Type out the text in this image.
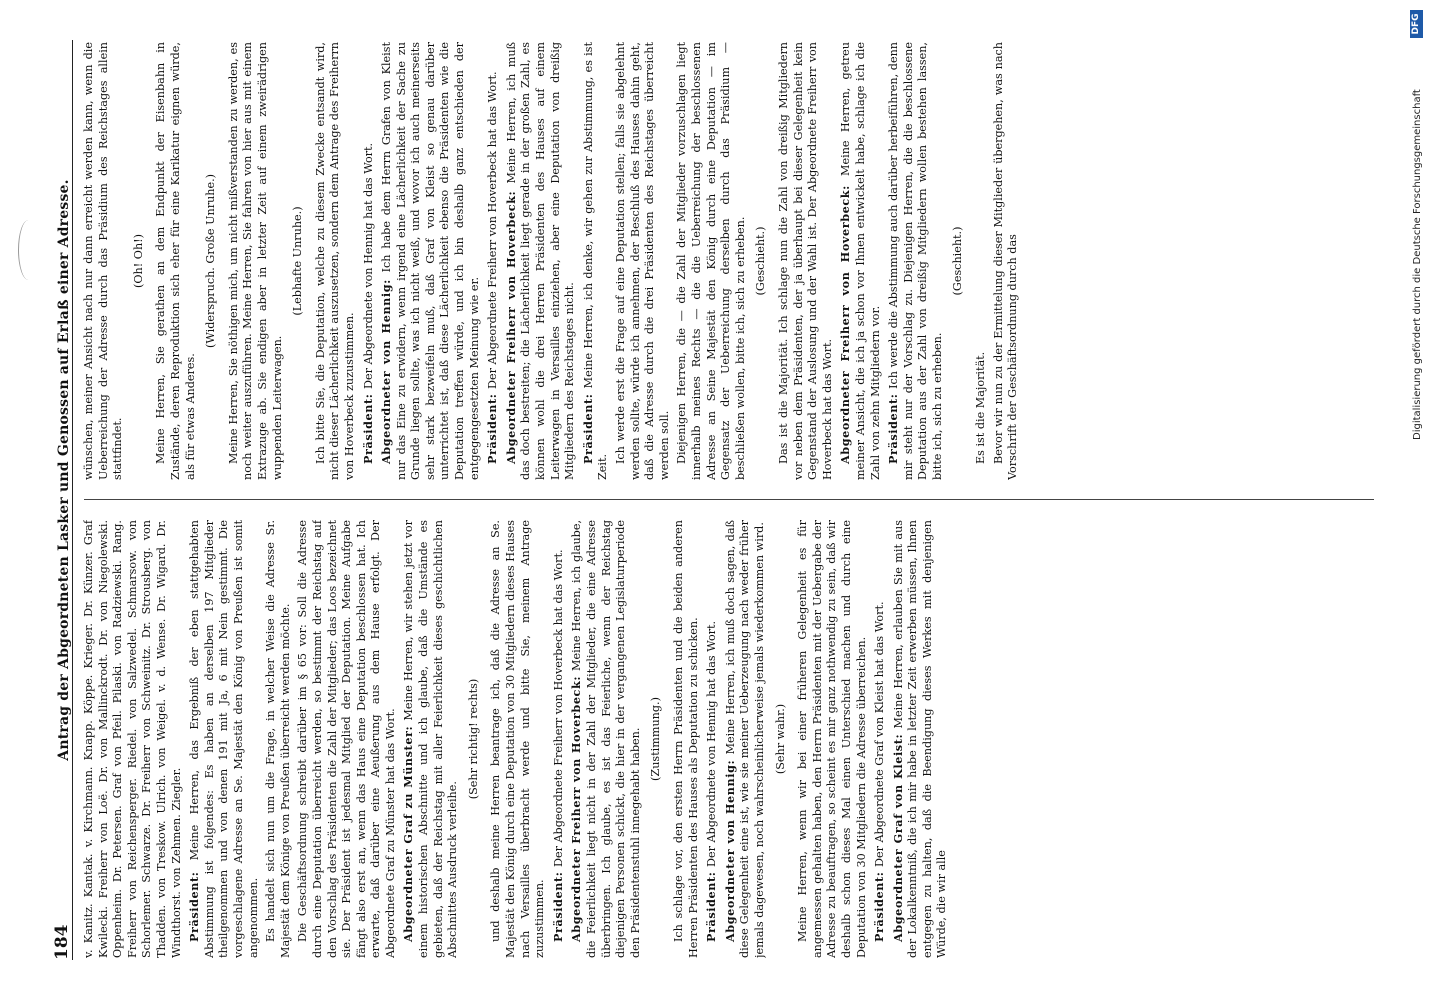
184
Antrag der Abgeordneten Lasker und Genossen auf Erlaß einer Adresse. v. Kanitz. Kantak. v. Kirchmann. Knapp. Köppe. Krieger. Dr. Künzer. Graf Kwilecki. Freiherr von Loë. Dr. von Mallinckrodt. Dr. von Niegolewski. Oppenheim. Dr. Petersen. Graf von Pfeil. Pilaski. von Radziewski. Rang. Freiherr von Reichensperger. Riedel. von Salzwedel. Schmarsow. von Schorlemer. Schwarze. Dr. Freiherr von Schweinitz. Dr. Strousberg. von Thadden. von Treskow. Ulrich. von Weigel. v. d. Wense. Dr. Wigard. Dr. Windthorst. von Zehmen. Ziegler. Präsident: Meine Herren, das Ergebniß der eben stattgehabten Abstimmung ist folgendes: Es haben an derselben 197 Mitglieder theilgenommen und von denen 191 mit Ja, 6 mit Nein gestimmt. Die vorgeschlagene Adresse an Se. Majestät den König von Preußen ist somit angenommen. Es handelt sich nun um die Frage, in welcher Weise die Adresse Sr. Majestät dem Könige von Preußen überreicht werden möchte. Die Geschäftsordnung schreibt darüber im § 65 vor: Soll die Adresse durch eine Deputation überreicht werden, so bestimmt der Reichstag auf den Vorschlag des Präsidenten die Zahl der Mitglieder; das Loos bezeichnet sie. Der Präsident ist jedesmal Mitglied der Deputation. Meine Aufgabe fängt also erst an, wenn das Haus eine Deputation beschlossen hat. Ich erwarte, daß darüber eine Aeußerung aus dem Hause erfolgt. Der Abgeordnete Graf zu Münster hat das Wort. Abgeordneter Graf zu Münster: Meine Herren, wir stehen jetzt vor einem historischen Abschnitte und ich glaube, daß die Umstände es gebieten, daß der Reichstag mit aller Feierlichkeit dieses geschichtlichen Abschnittes Ausdruck verleihe.

(Sehr richtig! rechts) und deshalb meine Herren beantrage ich, daß die Adresse an Se. Majestät den König durch eine Deputation von 30 Mitgliedern dieses Hauses nach Versailles überbracht werde und bitte Sie, meinem Antrage zuzustimmen. Präsident: Der Abgeordnete Freiherr von Hoverbeck hat das Wort. Abgeordneter Freiherr von Hoverbeck: Meine Herren, ich glaube, die Feierlichkeit liegt nicht in der Zahl der Mitglieder, die eine Adresse überbringen. Ich glaube, es ist das Feierliche, wenn der Reichstag diejenigen Personen schickt, die hier in der vergangenen Legislaturperiode den Präsidentenstuhl innegehabt haben. (Zustimmung.) Ich schlage vor, den ersten Herrn Präsidenten und die beiden anderen Herren Präsidenten des Hauses als Deputation zu schicken. Präsident: Der Abgeordnete von Hennig hat das Wort. Abgeordneter von Hennig: Meine Herren, ich muß doch sagen, daß diese Gelegenheit eine ist, wie sie meiner Ueberzeugung nach weder früher jemals dagewesen, noch wahrscheinlicherweise jemals wiederkommen wird. (Sehr wahr.) Meine Herren, wenn wir bei einer früheren Gelegenheit es für angemessen gehalten haben, den Herrn Präsidenten mit der Uebergabe der Adresse zu beauftragen, so scheint es mir ganz nothwendig zu sein, daß wir deshalb schon dieses Mal einen Unterschied machen und durch eine Deputation von 30 Mitgliedern die Adresse überreichen. Präsident: Der Abgeordnete Graf von Kleist hat das Wort. Abgeordneter Graf von Kleist: Meine Herren, erlauben Sie mit aus der Lokalkenntniß, die ich mir habe in letzter Zeit erwerben müssen, Ihnen entgegen zu halten, daß die Beendigung dieses Werkes mit denjenigen Würde, die wir alle

wünschen, meiner Ansicht nach nur dann erreicht werden kann, wenn die Ueberreichung der Adresse durch das Präsidium des Reichstages allein stattfindet.

(Oh! Oh!) Meine Herren, Sie gerathen an dem Endpunkt der Eisenbahn in Zustände, deren Reproduktion sich eher für eine Karikatur eignen würde, als für etwas Anderes.

(Widerspruch. Große Unruhe.) Meine Herren, Sie nöthigen mich, um nicht mißverstanden zu werden, es noch weiter auszuführen. Meine Herren, Sie fahren von hier aus mit einem Extrazuge ab. Sie endigen aber in letzter Zeit auf einem zweirädrigen wuppenden Leiterwagen.

(Lebhafte Unruhe.) Ich bitte Sie, die Deputation, welche zu diesem Zwecke entsandt wird, nicht dieser Lächerlichkeit auszusetzen, sondern dem Antrage des Freiherrn von Hoverbeck zuzustimmen. Präsident: Der Abgeordnete von Hennig hat das Wort. Abgeordneter von Hennig: Ich habe dem Herrn Grafen von Kleist nur das Eine zu erwidern, wenn irgend eine Lächerlichkeit der Sache zu Grunde liegen sollte, was ich nicht weiß, und wovor ich auch meinerseits sehr stark bezweifeln muß, daß Graf von Kleist so genau darüber unterrichtet ist, daß diese Lächerlichkeit ebenso die Präsidenten wie die Deputation treffen würde, und ich bin deshalb ganz entschieden der entgegengesetzten Meinung wie er. Präsident: Der Abgeordnete Freiherr von Hoverbeck hat das Wort. Abgeordneter Freiherr von Hoverbeck: Meine Herren, ich muß das doch bestreiten; die Lächerlichkeit liegt gerade in der großen Zahl, es können wohl die drei Herren Präsidenten des Hauses auf einem Leiterwagen in Versailles einziehen, aber eine Deputation von dreißig Mitgliedern des Reichstages nicht. Präsident: Meine Herren, ich denke, wir gehen zur Abstimmung, es ist Zeit.

Ich werde erst die Frage auf eine Deputation stellen; falls sie abgelehnt werden sollte, würde ich annehmen, der Beschluß des Hauses dahin geht, daß die Adresse durch die drei Präsidenten des Reichstages überreicht werden soll. Diejenigen Herren, die — die Zahl der Mitglieder vorzuschlagen liegt innerhalb meines Rechts — die die Ueberreichung der beschlossenen Adresse an Seine Majestät den König durch eine Deputation — im Gegensatz der Ueberreichung derselben durch das Präsidium — beschließen wollen, bitte ich, sich zu erheben. (Geschieht.) Das ist die Majorität. Ich schlage nun die Zahl von dreißig Mitgliedern vor neben dem Präsidenten, der ja überhaupt bei dieser Gelegenheit kein Gegenstand der Auslosung und der Wahl ist. Der Abgeordnete Freiherr von Hoverbeck hat das Wort. Abgeordneter Freiherr von Hoverbeck: Meine Herren, getreu meiner Ansicht, die ich ja schon vor Ihnen entwickelt habe, schlage ich die Zahl von zehn Mitgliedern vor. Präsident: Ich werde die Abstimmung auch darüber herbeiführen, denn mir steht nur der Vorschlag zu. Diejenigen Herren, die die beschlossene Deputation aus der Zahl von dreißig Mitgliedern wollen bestehen lassen, bitte ich, sich zu erheben.

(Geschieht.)

Es ist die Majorität. Bevor wir nun zu der Ermittelung dieser Mitglieder übergehen, was nach Vorschrift der Geschäftsordnung durch das	Digitalisierung gefördert durch die Deutsche Forschungsgemeinschaft
DFG
